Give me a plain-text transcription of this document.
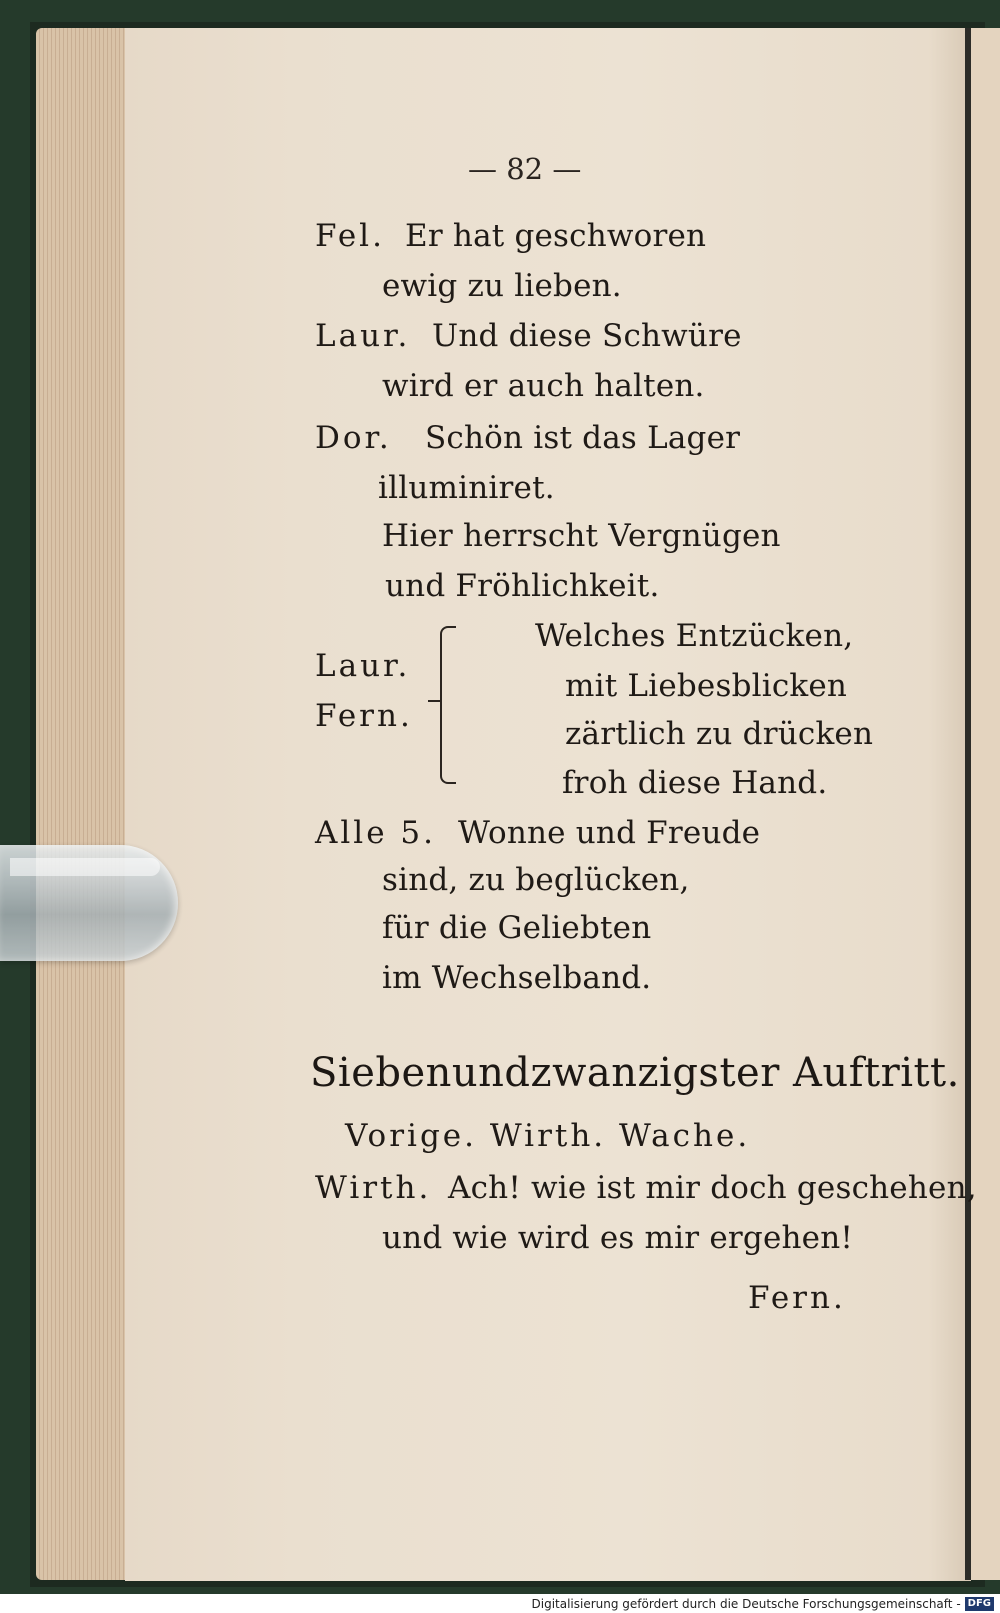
— 82 —
Fel. Er hat geschworen
ewig zu lieben.
Laur. Und diese Schwüre
wird er auch halten.
Dor. Schön ist das Lager
illuminiret.
Hier herrscht Vergnügen
und Fröhlichkeit.
Laur.
Fern.
Welches Entzücken,
mit Liebesblicken
zärtlich zu drücken
froh diese Hand.
Alle 5. Wonne und Freude
sind, zu beglücken,
für die Geliebten
im Wechselband.
Siebenundzwanzigster Auftritt.
Vorige. Wirth. Wache.
Wirth. Ach! wie ist mir doch geschehen,
und wie wird es mir ergehen!
Fern.
Digitalisierung gefördert durch die Deutsche Forschungsgemeinschaft - DFG
